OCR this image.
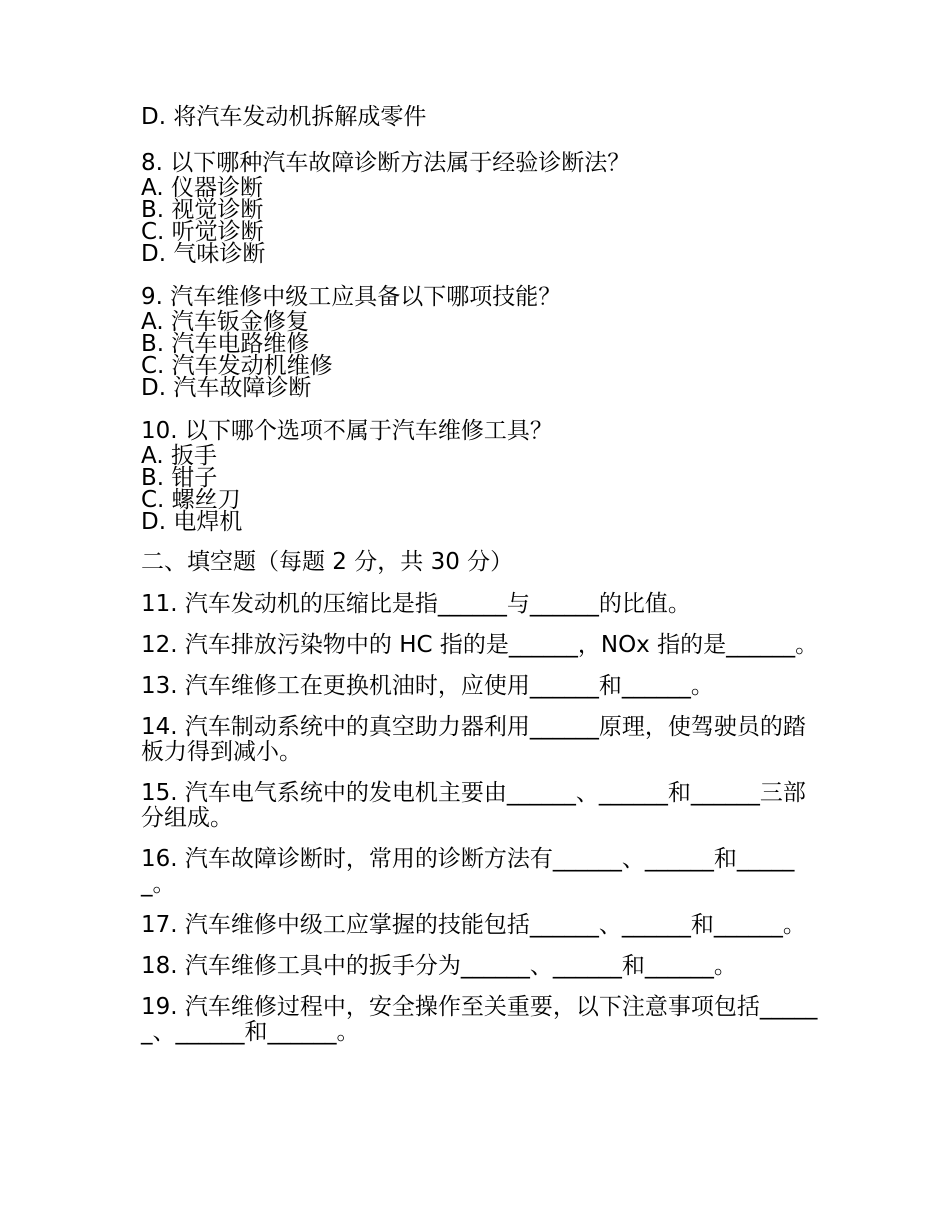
D. 将汽车发动机拆解成零件
8. 以下哪种汽车故障诊断方法属于经验诊断法？
A. 仪器诊断
B. 视觉诊断
C. 听觉诊断
D. 气味诊断
9. 汽车维修中级工应具备以下哪项技能？
A. 汽车钣金修复
B. 汽车电路维修
C. 汽车发动机维修
D. 汽车故障诊断
10. 以下哪个选项不属于汽车维修工具？
A. 扳手
B. 钳子
C. 螺丝刀
D. 电焊机
二、填空题（每题 2 分，共 30 分）
11. 汽车发动机的压缩比是指______与______的比值。
12. 汽车排放污染物中的 HC 指的是______，NOx 指的是______。
13. 汽车维修工在更换机油时，应使用______和______。
14. 汽车制动系统中的真空助力器利用______原理，使驾驶员的踏板力得到减小。
15. 汽车电气系统中的发电机主要由______、______和______三部分组成。
16. 汽车故障诊断时，常用的诊断方法有______、______和______。
17. 汽车维修中级工应掌握的技能包括______、______和______。
18. 汽车维修工具中的扳手分为______、______和______。
19. 汽车维修过程中，安全操作至关重要，以下注意事项包括______、______和______。
